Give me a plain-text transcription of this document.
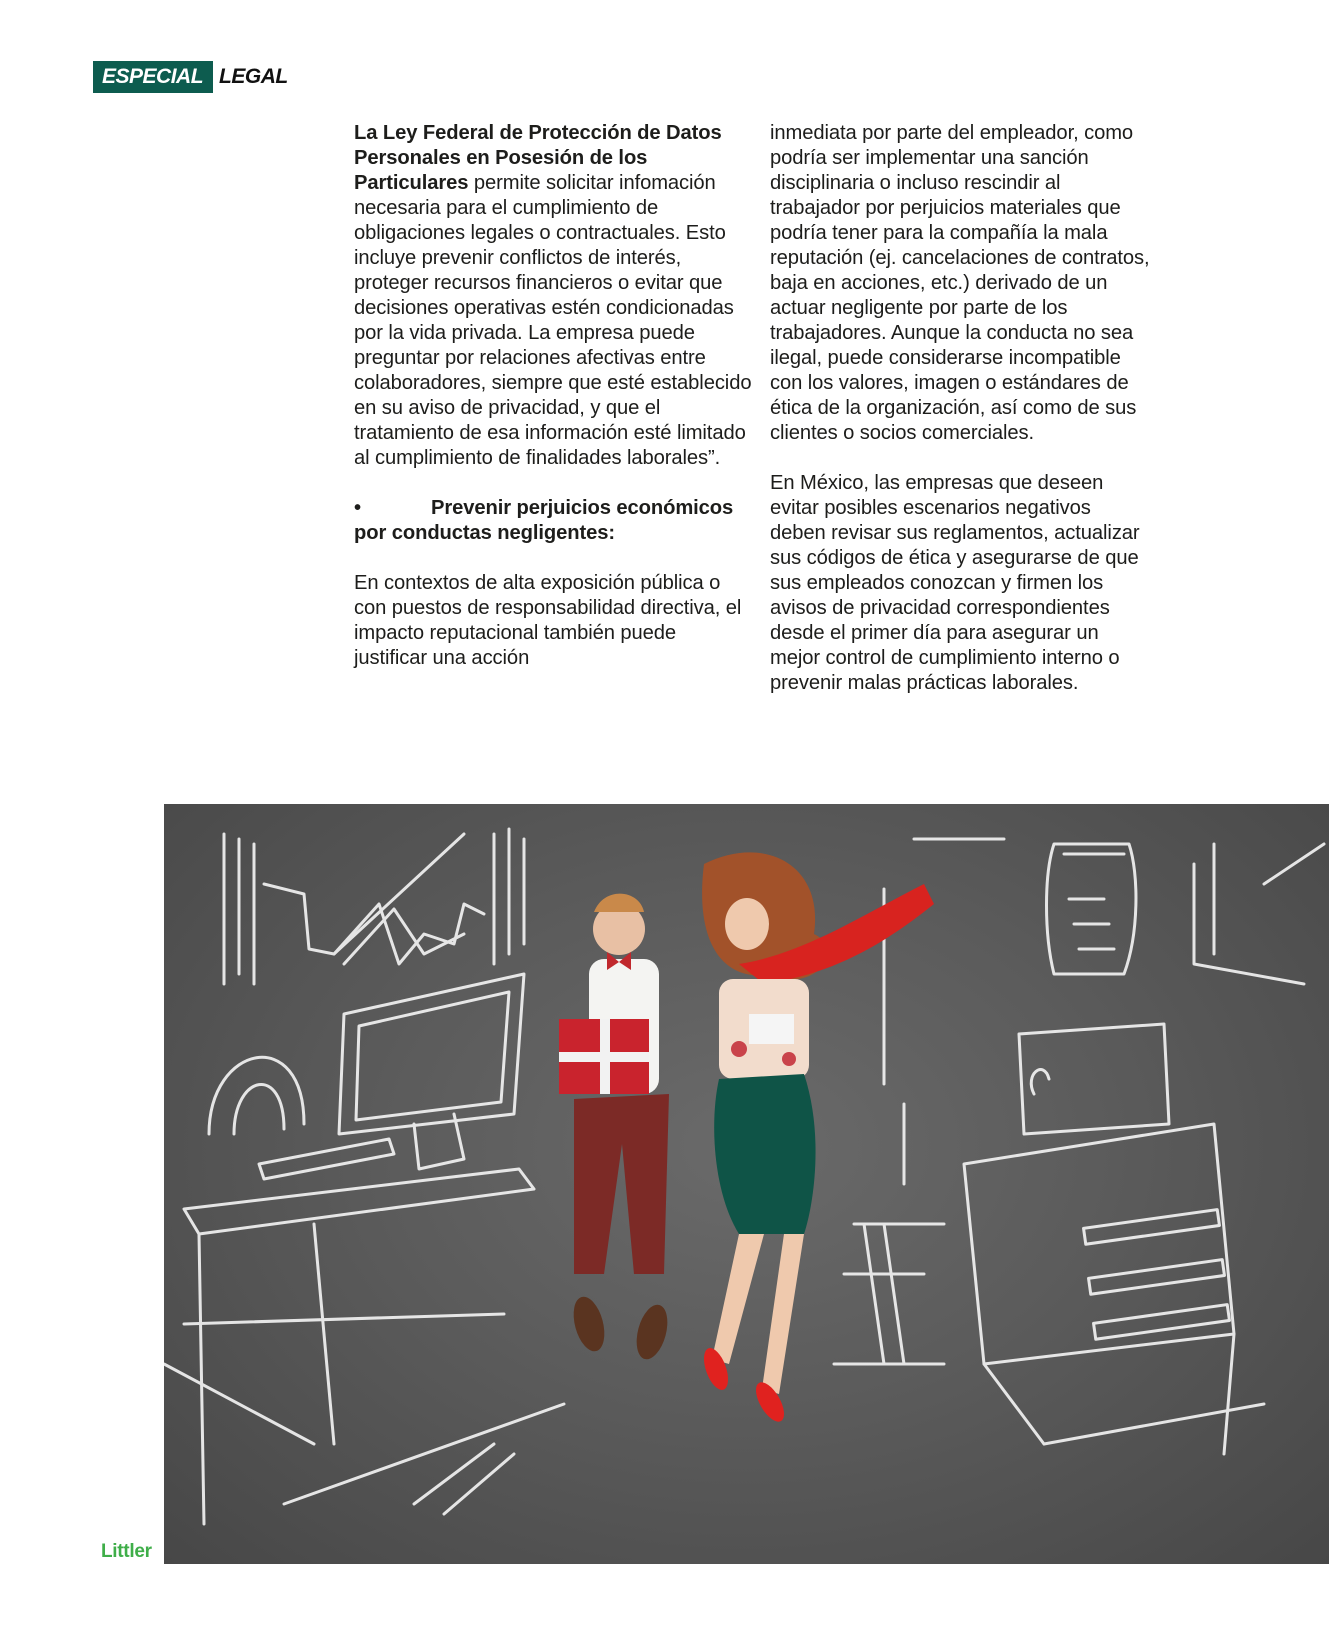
ESPECIAL LEGAL

La Ley Federal de Protección de Datos Personales en Posesión de los Particulares permite solicitar infomación necesaria para el cumplimiento de obligaciones legales o contractuales. Esto incluye prevenir conflictos de interés, proteger recursos financieros o evitar que decisiones operativas estén condicionadas por la vida privada. La empresa puede preguntar por relaciones afectivas entre colaboradores, siempre que esté establecido en su aviso de privacidad, y que el tratamiento de esa información esté limitado al cumplimiento de finalidades laborales”.

•	Prevenir perjuicios económicos por conductas negligentes:

En contextos de alta exposición pública o con puestos de responsabilidad directiva, el impacto reputacional también puede justificar una acción

inmediata por parte del empleador, como podría ser implementar una sanción disciplinaria o incluso rescindir al trabajador por perjuicios materiales que podría tener para la compañía la mala reputación (ej. cancelaciones de contratos, baja en acciones, etc.) derivado de un actuar negligente por parte de los trabajadores. Aunque la conducta no sea ilegal, puede considerarse incompatible con los valores, imagen o estándares de ética de la organización, así como de sus clientes o socios comerciales.

En México, las empresas que deseen evitar posibles escenarios negativos deben revisar sus reglamentos, actualizar sus códigos de ética y asegurarse de que sus empleados conozcan y firmen los avisos de privacidad correspondientes desde el primer día para asegurar un mejor control de cumplimiento interno o prevenir malas prácticas laborales.

Littler
